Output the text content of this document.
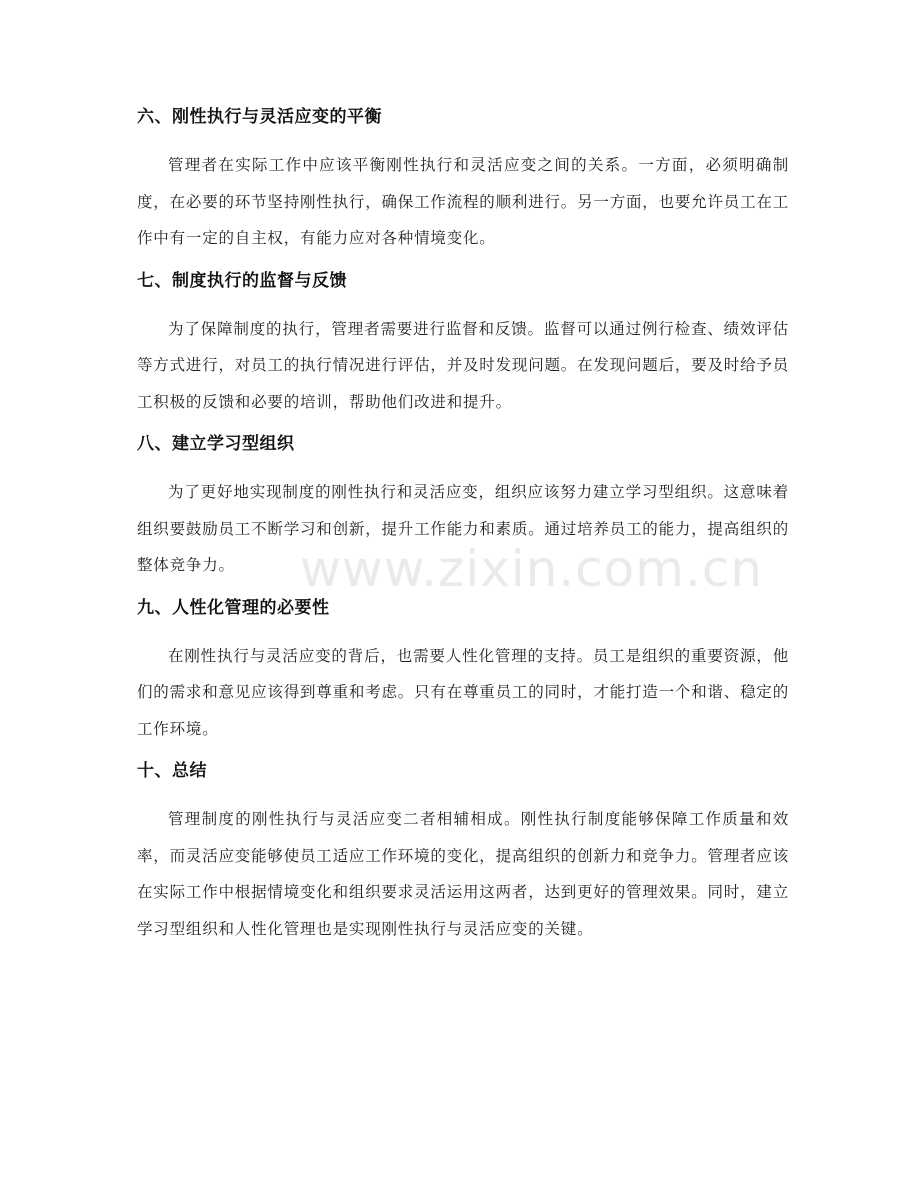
六、刚性执行与灵活应变的平衡

管理者在实际工作中应该平衡刚性执行和灵活应变之间的关系。一方面，必须明确制度，在必要的环节坚持刚性执行，确保工作流程的顺利进行。另一方面，也要允许员工在工作中有一定的自主权，有能力应对各种情境变化。

七、制度执行的监督与反馈

为了保障制度的执行，管理者需要进行监督和反馈。监督可以通过例行检查、绩效评估等方式进行，对员工的执行情况进行评估，并及时发现问题。在发现问题后，要及时给予员工积极的反馈和必要的培训，帮助他们改进和提升。

八、建立学习型组织

为了更好地实现制度的刚性执行和灵活应变，组织应该努力建立学习型组织。这意味着组织要鼓励员工不断学习和创新，提升工作能力和素质。通过培养员工的能力，提高组织的整体竞争力。

九、人性化管理的必要性

在刚性执行与灵活应变的背后，也需要人性化管理的支持。员工是组织的重要资源，他们的需求和意见应该得到尊重和考虑。只有在尊重员工的同时，才能打造一个和谐、稳定的工作环境。

十、总结

管理制度的刚性执行与灵活应变二者相辅相成。刚性执行制度能够保障工作质量和效率，而灵活应变能够使员工适应工作环境的变化，提高组织的创新力和竞争力。管理者应该在实际工作中根据情境变化和组织要求灵活运用这两者，达到更好的管理效果。同时，建立学习型组织和人性化管理也是实现刚性执行与灵活应变的关键。

www.zixin.com.cn
